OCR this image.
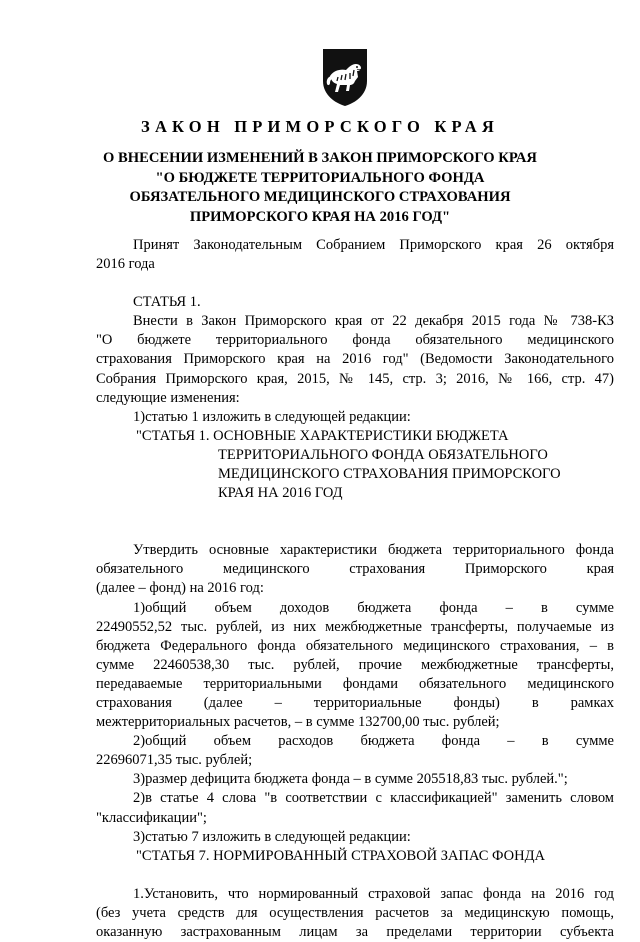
ЗАКОН ПРИМОРСКОГО КРАЯ
О ВНЕСЕНИИ ИЗМЕНЕНИЙ В ЗАКОН ПРИМОРСКОГО КРАЯ
"О БЮДЖЕТЕ ТЕРРИТОРИАЛЬНОГО ФОНДА
ОБЯЗАТЕЛЬНОГО МЕДИЦИНСКОГО СТРАХОВАНИЯ
ПРИМОРСКОГО КРАЯ НА 2016 ГОД"
Принят Законодательным Собранием Приморского края 26 октября
2016 года
СТАТЬЯ 1.
Внести в Закон Приморского края от 22 декабря 2015 года № 738-КЗ
"О бюджете территориального фонда обязательного медицинского
страхования Приморского края на 2016 год" (Ведомости Законодательного
Собрания Приморского края, 2015, № 145, стр. 3; 2016, № 166, стр. 47)
следующие изменения:
1)статью 1 изложить в следующей редакции:
"СТАТЬЯ 1. ОСНОВНЫЕ ХАРАКТЕРИСТИКИ БЮДЖЕТА
ТЕРРИТОРИАЛЬНОГО ФОНДА ОБЯЗАТЕЛЬНОГО
МЕДИЦИНСКОГО СТРАХОВАНИЯ ПРИМОРСКОГО
КРАЯ НА 2016 ГОД
Утвердить основные характеристики бюджета территориального фонда
обязательного медицинского страхования Приморского края
(далее – фонд) на 2016 год:
1)общий объем доходов бюджета фонда – в сумме
22490552,52 тыс. рублей, из них межбюджетные трансферты, получаемые из
бюджета Федерального фонда обязательного медицинского страхования, – в
сумме 22460538,30 тыс. рублей, прочие межбюджетные трансферты,
передаваемые территориальными фондами обязательного медицинского
страхования (далее – территориальные фонды) в рамках
межтерриториальных расчетов, – в сумме 132700,00 тыс. рублей;
2)общий объем расходов бюджета фонда – в сумме
22696071,35 тыс. рублей;
3)размер дефицита бюджета фонда – в сумме 205518,83 тыс. рублей.";
2)в статье 4 слова "в соответствии с классификацией" заменить словом
"классификации";
3)статью 7 изложить в следующей редакции:
"СТАТЬЯ 7. НОРМИРОВАННЫЙ СТРАХОВОЙ ЗАПАС ФОНДА
1.Установить, что нормированный страховой запас фонда на 2016 год
(без учета средств для осуществления расчетов за медицинскую помощь,
оказанную застрахованным лицам за пределами территории субъекта
